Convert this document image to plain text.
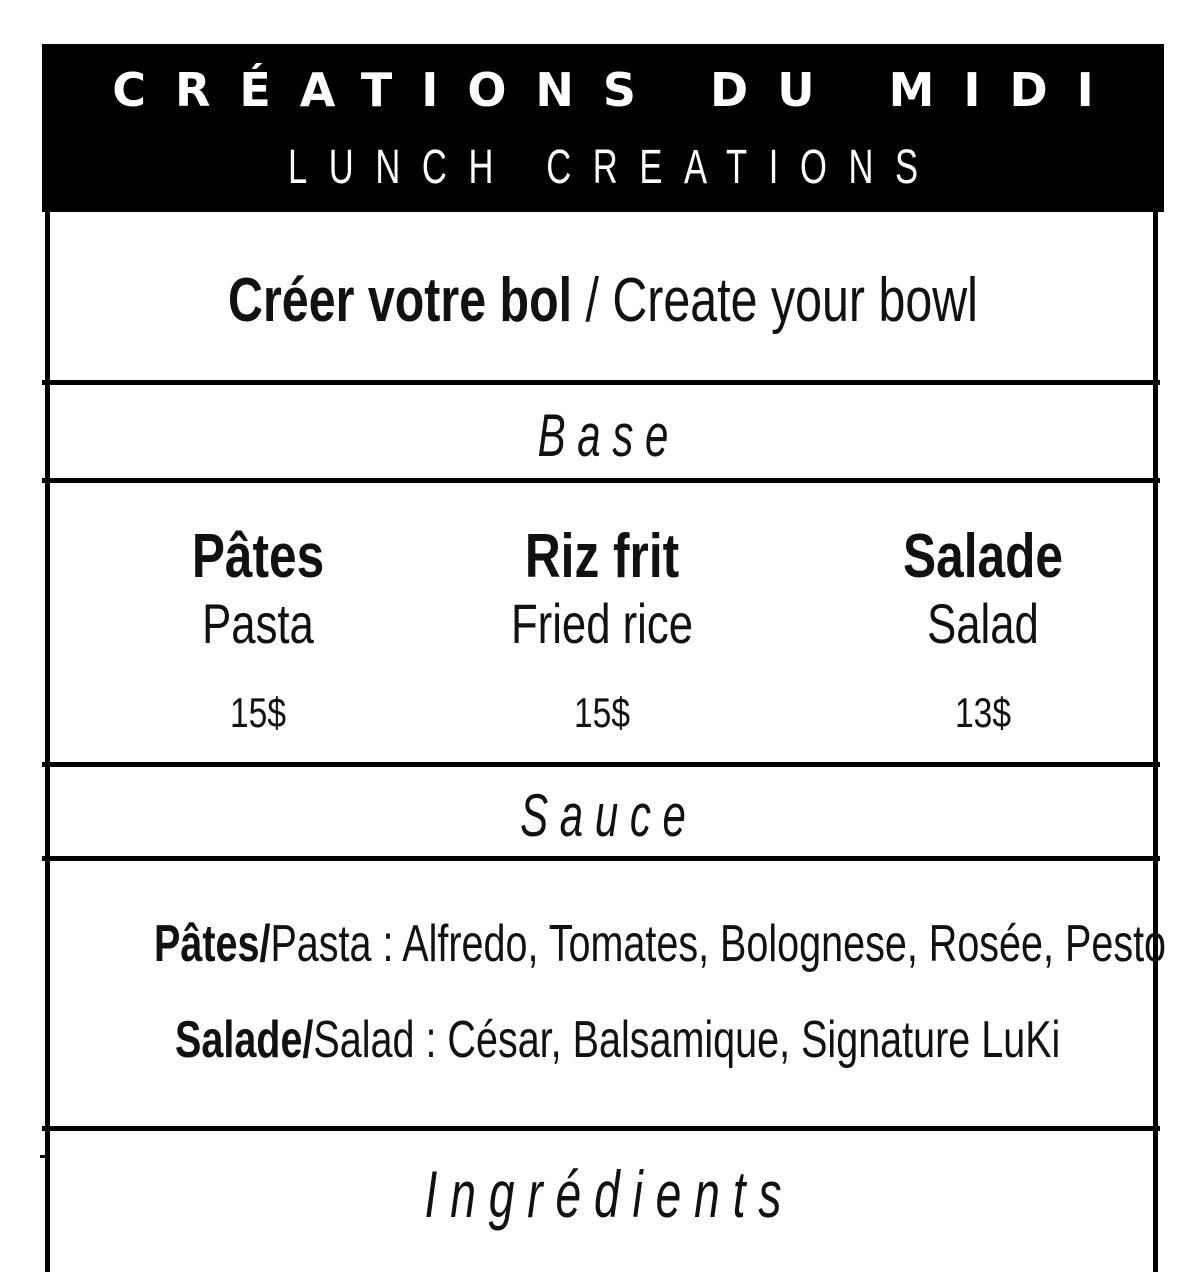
CRÉATIONS DU MIDI
LUNCH CREATIONS
Créer votre bol / Create your bowl
B a s e
Pâtes
Pasta
15$
Riz frit
Fried rice
15$
Salade
Salad
13$
S a u c e
Pâtes/Pasta : Alfredo, Tomates, Bolognese, Rosée, Pesto
Salade/Salad : César, Balsamique, Signature LuKi
I n g r é d i e n t s
